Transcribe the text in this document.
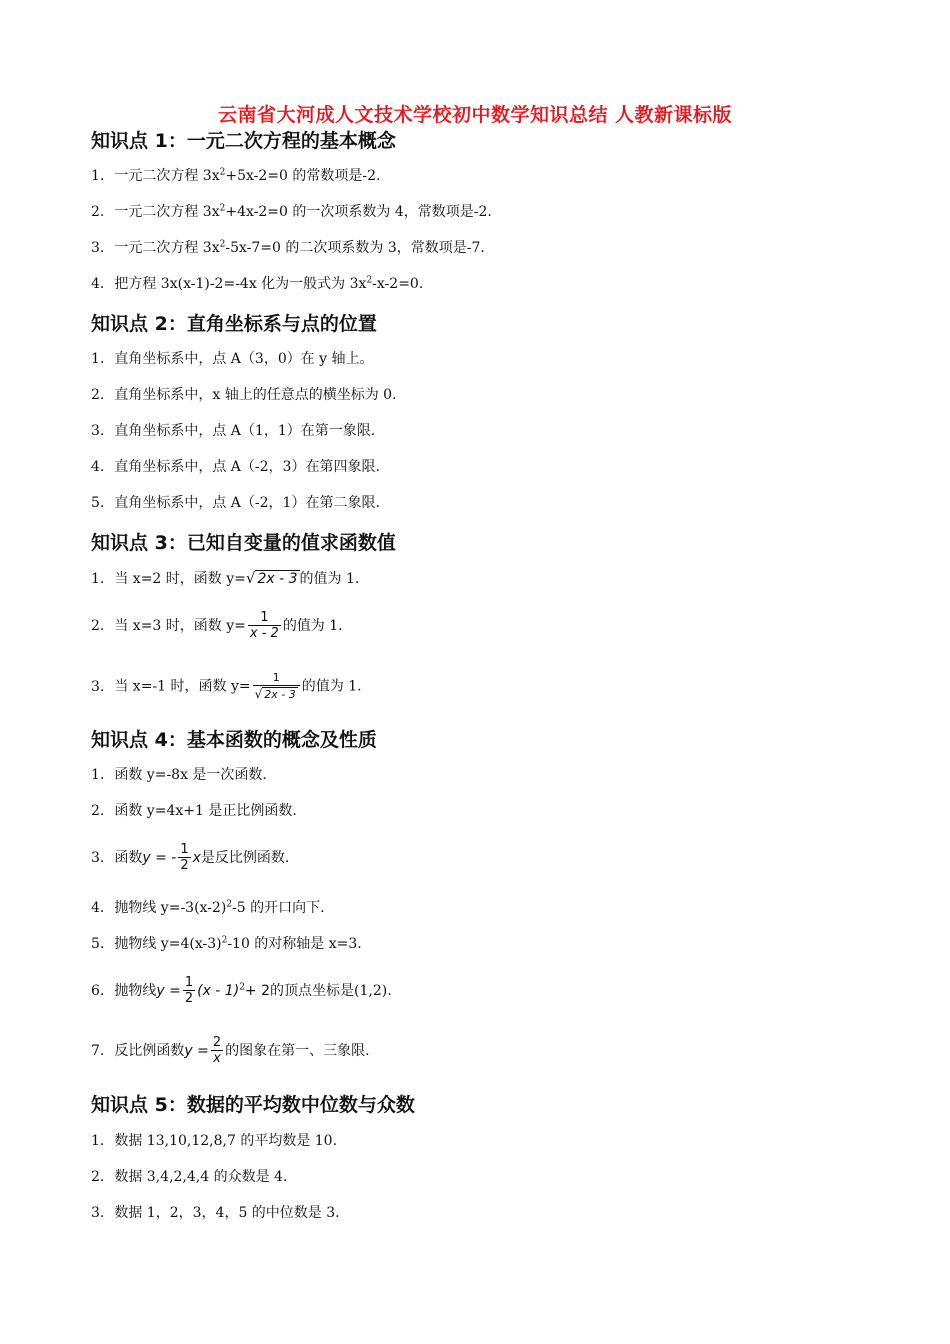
云南省大河成人文技术学校初中数学知识总结 人教新课标版
知识点 1：一元二次方程的基本概念
1. 一元二次方程 $3x^2+5x-2=0$ 的常数项是-2.
2. 一元二次方程 $3x^2+4x-2=0$ 的一次项系数为 4，常数项是-2.
3. 一元二次方程 $3x^2-5x-7=0$ 的二次项系数为 3，常数项是-7.
4. 把方程 3x(x-1)-2=-4x 化为一般式为 $3x^2-x-2=0$.
知识点 2：直角坐标系与点的位置
1. 直角坐标系中，点 A（3，0）在 y 轴上。
2. 直角坐标系中，x 轴上的任意点的横坐标为 0.
3. 直角坐标系中，点 A（1，1）在第一象限.
4. 直角坐标系中，点 A（-2，3）在第四象限.
5. 直角坐标系中，点 A（-2，1）在第二象限.
知识点 3：已知自变量的值求函数值
1. 当 x=2 时，函数 y=√ 2x - 3 的值为 1.
2. 当 x=3 时，函数 $y= \frac{1}{x - 2}$ 的值为 1.
3. 当 x=-1 时，函数 $y= \frac{1}{√ 2x - 3}$ 的值为 1.
知识点 4：基本函数的概念及性质
1. 函数 y=-8x 是一次函数.
2. 函数 y=4x+1 是正比例函数.
3. 函数y = - $\frac{1}{2}$ x是反比例函数.
4. 抛物线 $y=-3(x-2)^2-5$ 的开口向下.
5. 抛物线 $y=4(x-3)^2-10$ 的对称轴是 x=3.
6. 抛物线$y = \frac{1}{2} (x - 1)^2+ 2$的顶点坐标是(1,2).
7. 反比例函数$y = \frac{2}{x}$ 的图象在第一、三象限.
知识点 5：数据的平均数中位数与众数
1. 数据 13,10,12,8,7 的平均数是 10.
2. 数据 3,4,2,4,4 的众数是 4.
3. 数据 1，2，3，4，5 的中位数是 3.
